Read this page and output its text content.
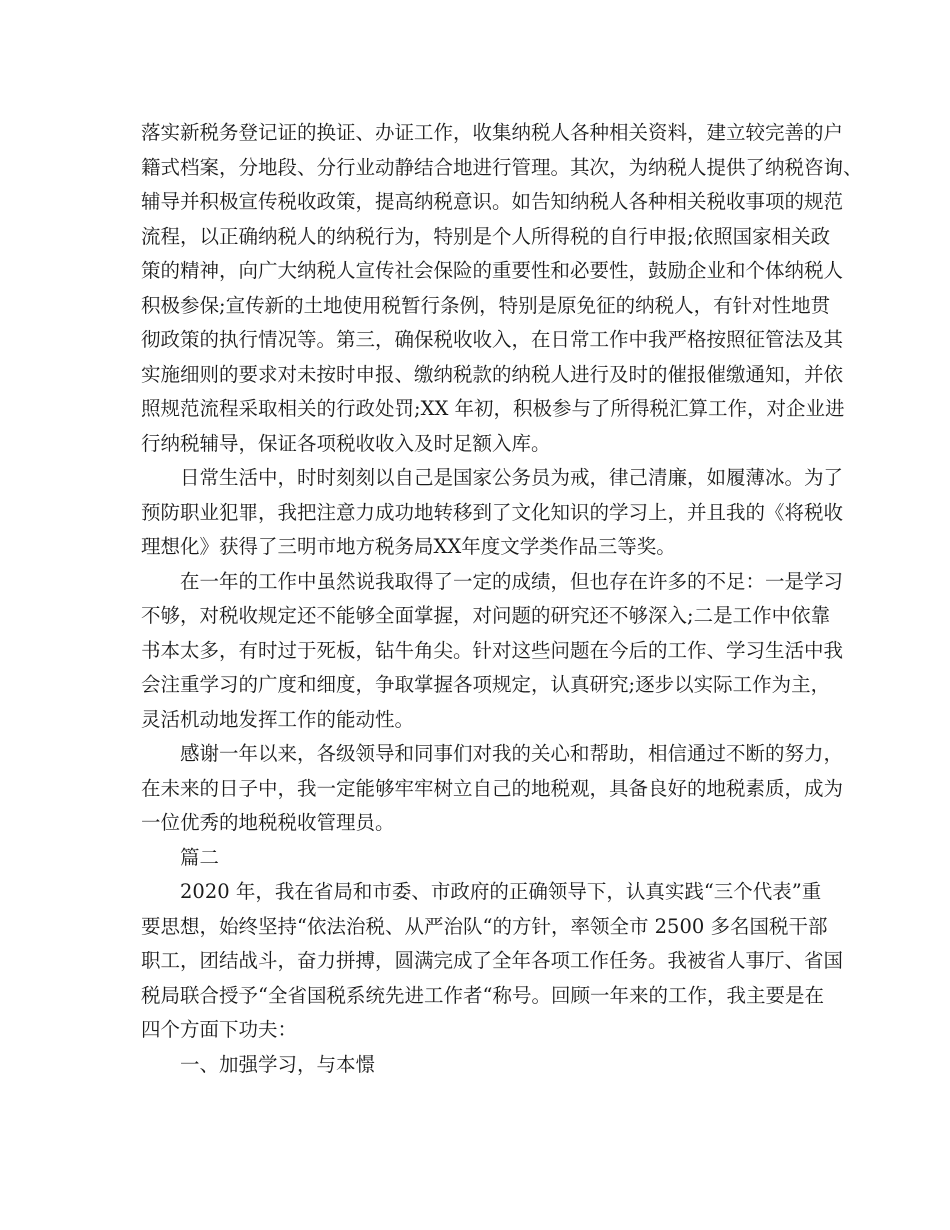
落实新税务登记证的换证、办证工作，收集纳税人各种相关资料，建立较完善的户
籍式档案，分地段、分行业动静结合地进行管理。其次，为纳税人提供了纳税咨询、
辅导并积极宣传税收政策，提高纳税意识。如告知纳税人各种相关税收事项的规范
流程，以正确纳税人的纳税行为，特别是个人所得税的自行申报;依照国家相关政
策的精神，向广大纳税人宣传社会保险的重要性和必要性，鼓励企业和个体纳税人
积极参保;宣传新的土地使用税暂行条例，特别是原免征的纳税人，有针对性地贯
彻政策的执行情况等。第三，确保税收收入，在日常工作中我严格按照征管法及其
实施细则的要求对未按时申报、缴纳税款的纳税人进行及时的催报催缴通知，并依
照规范流程采取相关的行政处罚;XX 年初，积极参与了所得税汇算工作，对企业进
行纳税辅导，保证各项税收收入及时足额入库。
日常生活中，时时刻刻以自己是国家公务员为戒，律己清廉，如履薄冰。为了
预防职业犯罪，我把注意力成功地转移到了文化知识的学习上，并且我的《将税收
理想化》获得了三明市地方税务局XX年度文学类作品三等奖。
在一年的工作中虽然说我取得了一定的成绩，但也存在许多的不足：一是学习
不够，对税收规定还不能够全面掌握，对问题的研究还不够深入;二是工作中依靠
书本太多，有时过于死板，钻牛角尖。针对这些问题在今后的工作、学习生活中我
会注重学习的广度和细度，争取掌握各项规定，认真研究;逐步以实际工作为主，
灵活机动地发挥工作的能动性。
感谢一年以来，各级领导和同事们对我的关心和帮助，相信通过不断的努力，
在未来的日子中，我一定能够牢牢树立自己的地税观，具备良好的地税素质，成为
一位优秀的地税税收管理员。
篇二
2020 年，我在省局和市委、市政府的正确领导下，认真实践“三个代表”重
要思想，始终坚持“依法治税、从严治队“的方针，率领全市 2500 多名国税干部
职工，团结战斗，奋力拼搏，圆满完成了全年各项工作任务。我被省人事厅、省国
税局联合授予“全省国税系统先进工作者“称号。回顾一年来的工作，我主要是在
四个方面下功夫：
一、加强学习，与本憬
